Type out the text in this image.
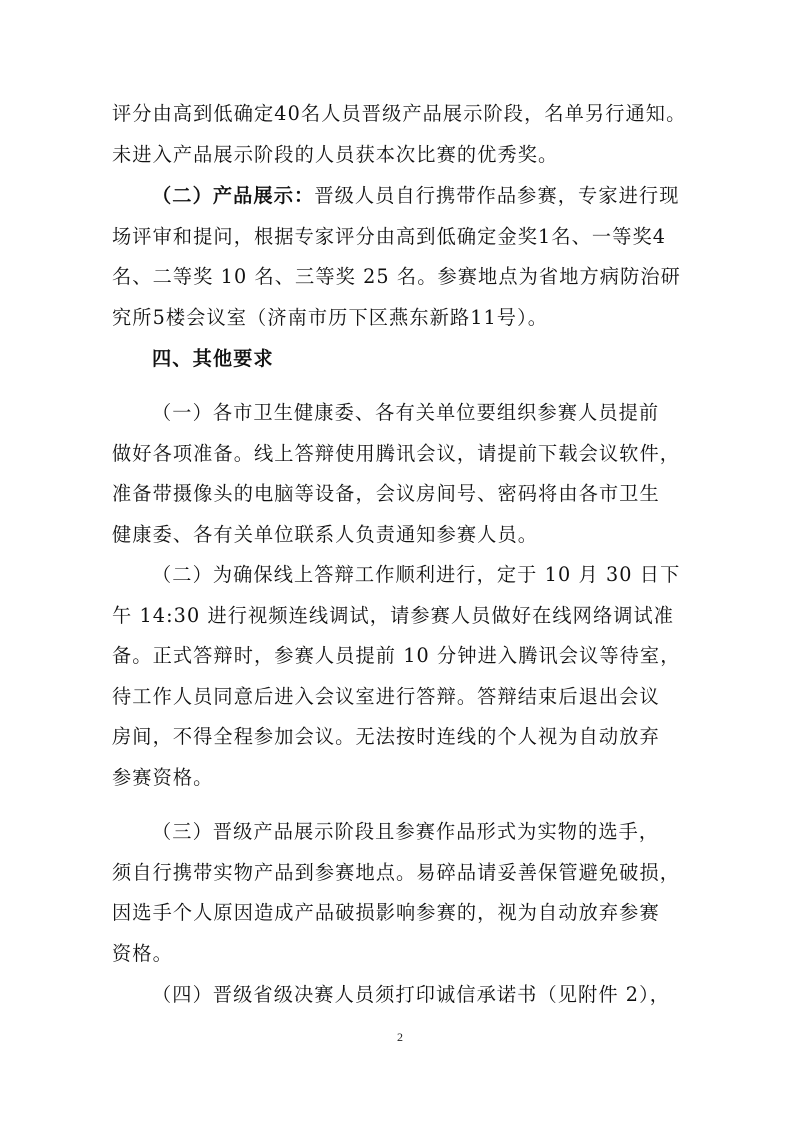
评分由高到低确定40名人员晋级产品展示阶段，名单另行通知。
未进入产品展示阶段的人员获本次比赛的优秀奖。
（二）产品展示：晋级人员自行携带作品参赛，专家进行现
场评审和提问，根据专家评分由高到低确定金奖1名、一等奖4
名、二等奖 10 名、三等奖 25 名。参赛地点为省地方病防治研
究所5楼会议室（济南市历下区燕东新路11号）。
四、其他要求
（一）各市卫生健康委、各有关单位要组织参赛人员提前
做好各项准备。线上答辩使用腾讯会议，请提前下载会议软件，
准备带摄像头的电脑等设备，会议房间号、密码将由各市卫生
健康委、各有关单位联系人负责通知参赛人员。
（二）为确保线上答辩工作顺利进行，定于 10 月 30 日下
午 14:30 进行视频连线调试，请参赛人员做好在线网络调试准
备。正式答辩时，参赛人员提前 10 分钟进入腾讯会议等待室，
待工作人员同意后进入会议室进行答辩。答辩结束后退出会议
房间，不得全程参加会议。无法按时连线的个人视为自动放弃
参赛资格。
（三）晋级产品展示阶段且参赛作品形式为实物的选手，
须自行携带实物产品到参赛地点。易碎品请妥善保管避免破损，
因选手个人原因造成产品破损影响参赛的，视为自动放弃参赛
资格。
（四）晋级省级决赛人员须打印诚信承诺书（见附件 2），
2
